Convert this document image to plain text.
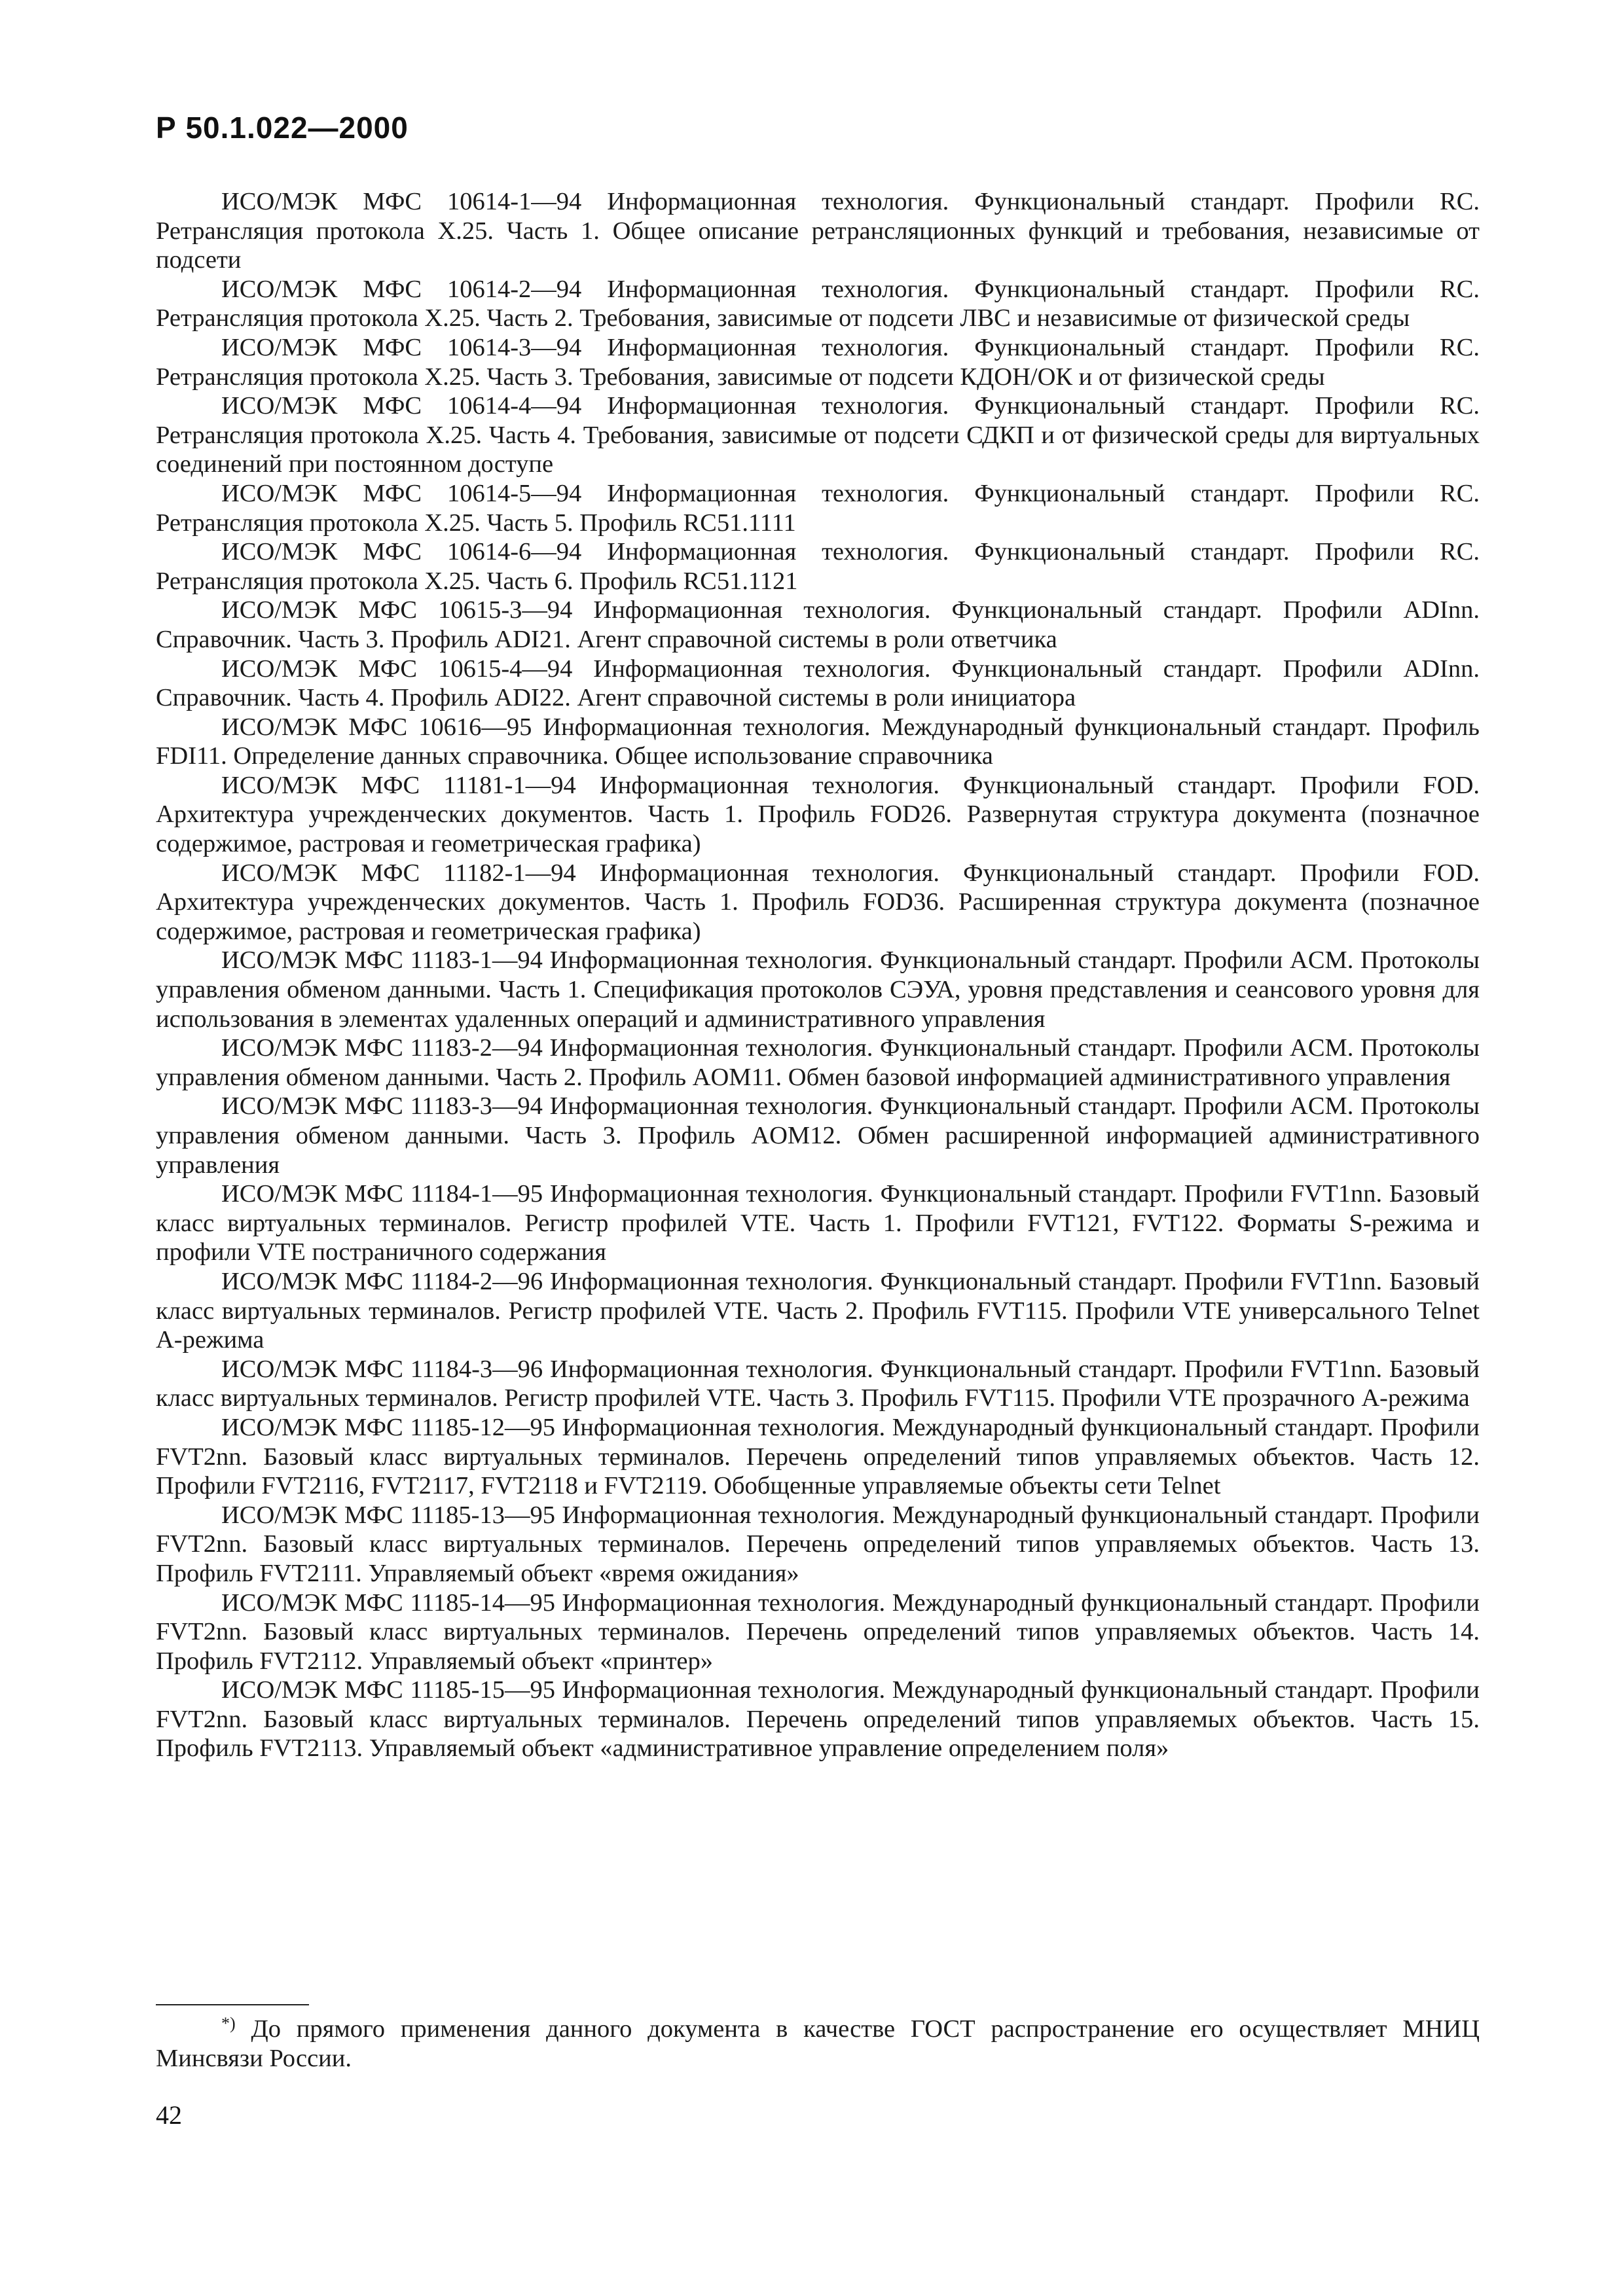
Р 50.1.022—2000

ИСО/МЭК МФС 10614-1—94 Информационная технология. Функциональный стандарт. Профили RC. Ретрансляция протокола X.25. Часть 1. Общее описание ретрансляционных функций и требования, независимые от подсети

ИСО/МЭК МФС 10614-2—94 Информационная технология. Функциональный стандарт. Профили RC. Ретрансляция протокола X.25. Часть 2. Требования, зависимые от подсети ЛВС и независимые от физической среды

ИСО/МЭК МФС 10614-3—94 Информационная технология. Функциональный стандарт. Профили RC. Ретрансляция протокола X.25. Часть 3. Требования, зависимые от подсети КДОН/ОК и от физической среды

ИСО/МЭК МФС 10614-4—94 Информационная технология. Функциональный стандарт. Профили RC. Ретрансляция протокола X.25. Часть 4. Требования, зависимые от подсети СДКП и от физической среды для виртуальных соединений при постоянном доступе

ИСО/МЭК МФС 10614-5—94 Информационная технология. Функциональный стандарт. Профили RC. Ретрансляция протокола X.25. Часть 5. Профиль RC51.1111

ИСО/МЭК МФС 10614-6—94 Информационная технология. Функциональный стандарт. Профили RC. Ретрансляция протокола X.25. Часть 6. Профиль RC51.1121

ИСО/МЭК МФС 10615-3—94 Информационная технология. Функциональный стандарт. Профили ADInn. Справочник. Часть 3. Профиль ADI21. Агент справочной системы в роли ответчика

ИСО/МЭК МФС 10615-4—94 Информационная технология. Функциональный стандарт. Профили ADInn. Справочник. Часть 4. Профиль ADI22. Агент справочной системы в роли инициатора

ИСО/МЭК МФС 10616—95 Информационная технология. Международный функциональный стандарт. Профиль FDI11. Определение данных справочника. Общее использование справочника

ИСО/МЭК МФС 11181-1—94 Информационная технология. Функциональный стандарт. Профили FOD. Архитектура учрежденческих документов. Часть 1. Профиль FOD26. Развернутая структура документа (позначное содержимое, растровая и геометрическая графика)

ИСО/МЭК МФС 11182-1—94 Информационная технология. Функциональный стандарт. Профили FOD. Архитектура учрежденческих документов. Часть 1. Профиль FOD36. Расширенная структура документа (позначное содержимое, растровая и геометрическая графика)

ИСО/МЭК МФС 11183-1—94 Информационная технология. Функциональный стандарт. Профили ACM. Протоколы управления обменом данными. Часть 1. Спецификация протоколов СЭУА, уровня представления и сеансового уровня для использования в элементах удаленных операций и административного управления

ИСО/МЭК МФС 11183-2—94 Информационная технология. Функциональный стандарт. Профили ACM. Протоколы управления обменом данными. Часть 2. Профиль AOM11. Обмен базовой информацией административного управления

ИСО/МЭК МФС 11183-3—94 Информационная технология. Функциональный стандарт. Профили ACM. Протоколы управления обменом данными. Часть 3. Профиль AOM12. Обмен расширенной информацией административного управления

ИСО/МЭК МФС 11184-1—95 Информационная технология. Функциональный стандарт. Профили FVT1nn. Базовый класс виртуальных терминалов. Регистр профилей VTE. Часть 1. Профили FVT121, FVT122. Форматы S-режима и профили VTE постраничного содержания

ИСО/МЭК МФС 11184-2—96 Информационная технология. Функциональный стандарт. Профили FVT1nn. Базовый класс виртуальных терминалов. Регистр профилей VTE. Часть 2. Профиль FVT115. Профили VTE универсального Telnet А-режима

ИСО/МЭК МФС 11184-3—96 Информационная технология. Функциональный стандарт. Профили FVT1nn. Базовый класс виртуальных терминалов. Регистр профилей VTE. Часть 3. Профиль FVT115. Профили VTE прозрачного А-режима

ИСО/МЭК МФС 11185-12—95 Информационная технология. Международный функциональный стандарт. Профили FVT2nn. Базовый класс виртуальных терминалов. Перечень определений типов управляемых объектов. Часть 12. Профили FVT2116, FVT2117, FVT2118 и FVT2119. Обобщенные управляемые объекты сети Telnet

ИСО/МЭК МФС 11185-13—95 Информационная технология. Международный функциональный стандарт. Профили FVT2nn. Базовый класс виртуальных терминалов. Перечень определений типов управляемых объектов. Часть 13. Профиль FVT2111. Управляемый объект «время ожидания»

ИСО/МЭК МФС 11185-14—95 Информационная технология. Международный функциональный стандарт. Профили FVT2nn. Базовый класс виртуальных терминалов. Перечень определений типов управляемых объектов. Часть 14. Профиль FVT2112. Управляемый объект «принтер»

ИСО/МЭК МФС 11185-15—95 Информационная технология. Международный функциональный стандарт. Профили FVT2nn. Базовый класс виртуальных терминалов. Перечень определений типов управляемых объектов. Часть 15. Профиль FVT2113. Управляемый объект «административное управление определением поля»

*) До прямого применения данного документа в качестве ГОСТ распространение его осуществляет МНИЦ Минсвязи России.

42
